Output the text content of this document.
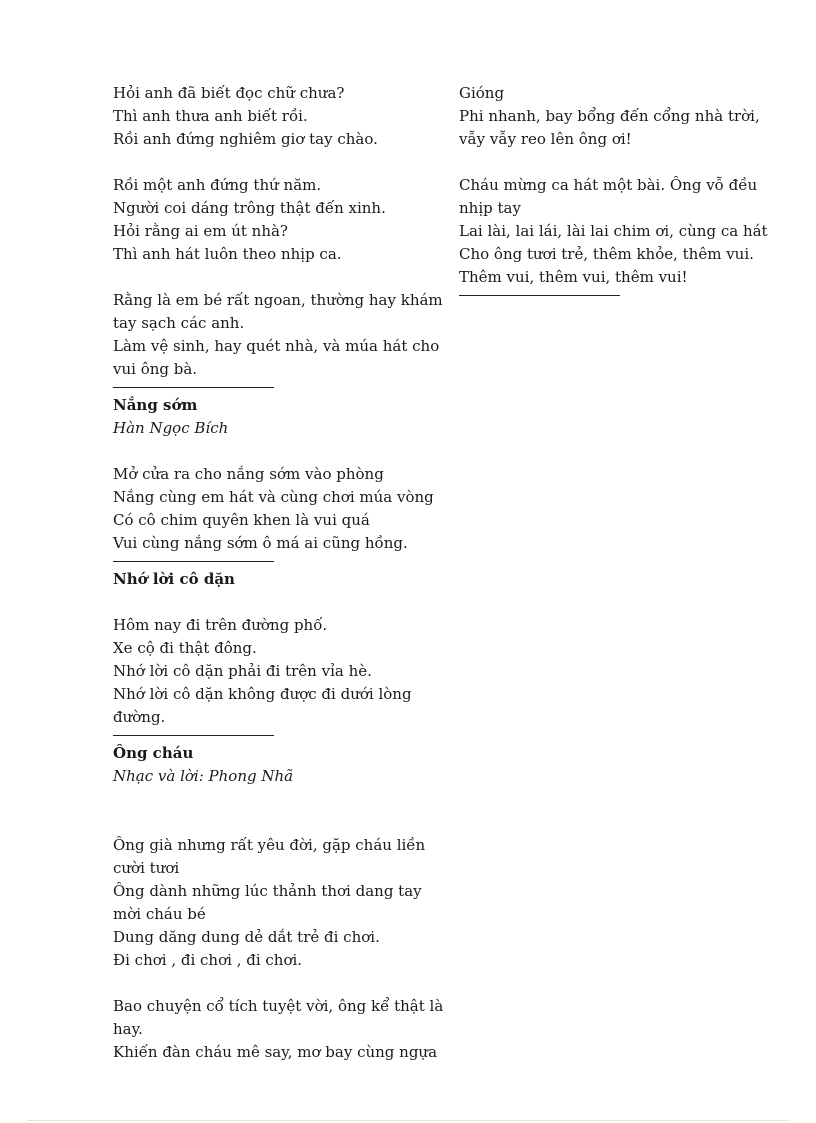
Hỏi anh đã biết đọc chữ chưa?
Thì anh thưa anh biết rồi.
Rồi anh đứng nghiêm giơ tay chào.
Rồi một anh đứng thứ năm.
Người coi dáng trông thật đến xinh.
Hỏi rằng ai em út nhà?
Thì anh hát luôn theo nhịp ca.
Rằng là em bé rất ngoan, thường hay khám tay sạch các anh.
Làm vệ sinh, hay quét nhà, và múa hát cho vui ông bà.
Nắng sớm
Hàn Ngọc Bích
Mở cửa ra cho nắng sớm vào phòng
Nắng cùng em hát và cùng chơi múa vòng
Có cô chim quyên khen là vui quá
Vui cùng nắng sớm ô má ai cũng hồng.
Nhớ lời cô dặn
Hôm nay đi trên đường phố.
Xe cộ đi thật đông.
Nhớ lời cô dặn phải đi trên vỉa hè.
Nhớ lời cô dặn không được đi dưới lòng đường.
Ông cháu
Nhạc và lời: Phong Nhã
Ông già nhưng rất yêu đời, gặp cháu liền cười tươi
Ông dành những lúc thảnh thơi dang tay mời cháu bé
Dung dăng dung dẻ dắt trẻ đi chơi.
Đi chơi , đi chơi , đi chơi.
Bao chuyện cổ tích tuyệt vời, ông kể thật là hay.
Khiến đàn cháu mê say, mơ bay cùng ngựa
Gióng
Phi nhanh, bay bổng đến cổng nhà trời, vẫy vẫy reo lên ông ơi!
Cháu mừng ca hát một bài. Ông vỗ đều nhịp tay
Lai lài, lai lái, lài lai chim ơi, cùng ca hát
Cho ông tươi trẻ, thêm khỏe, thêm vui.
Thêm vui, thêm vui, thêm vui!
